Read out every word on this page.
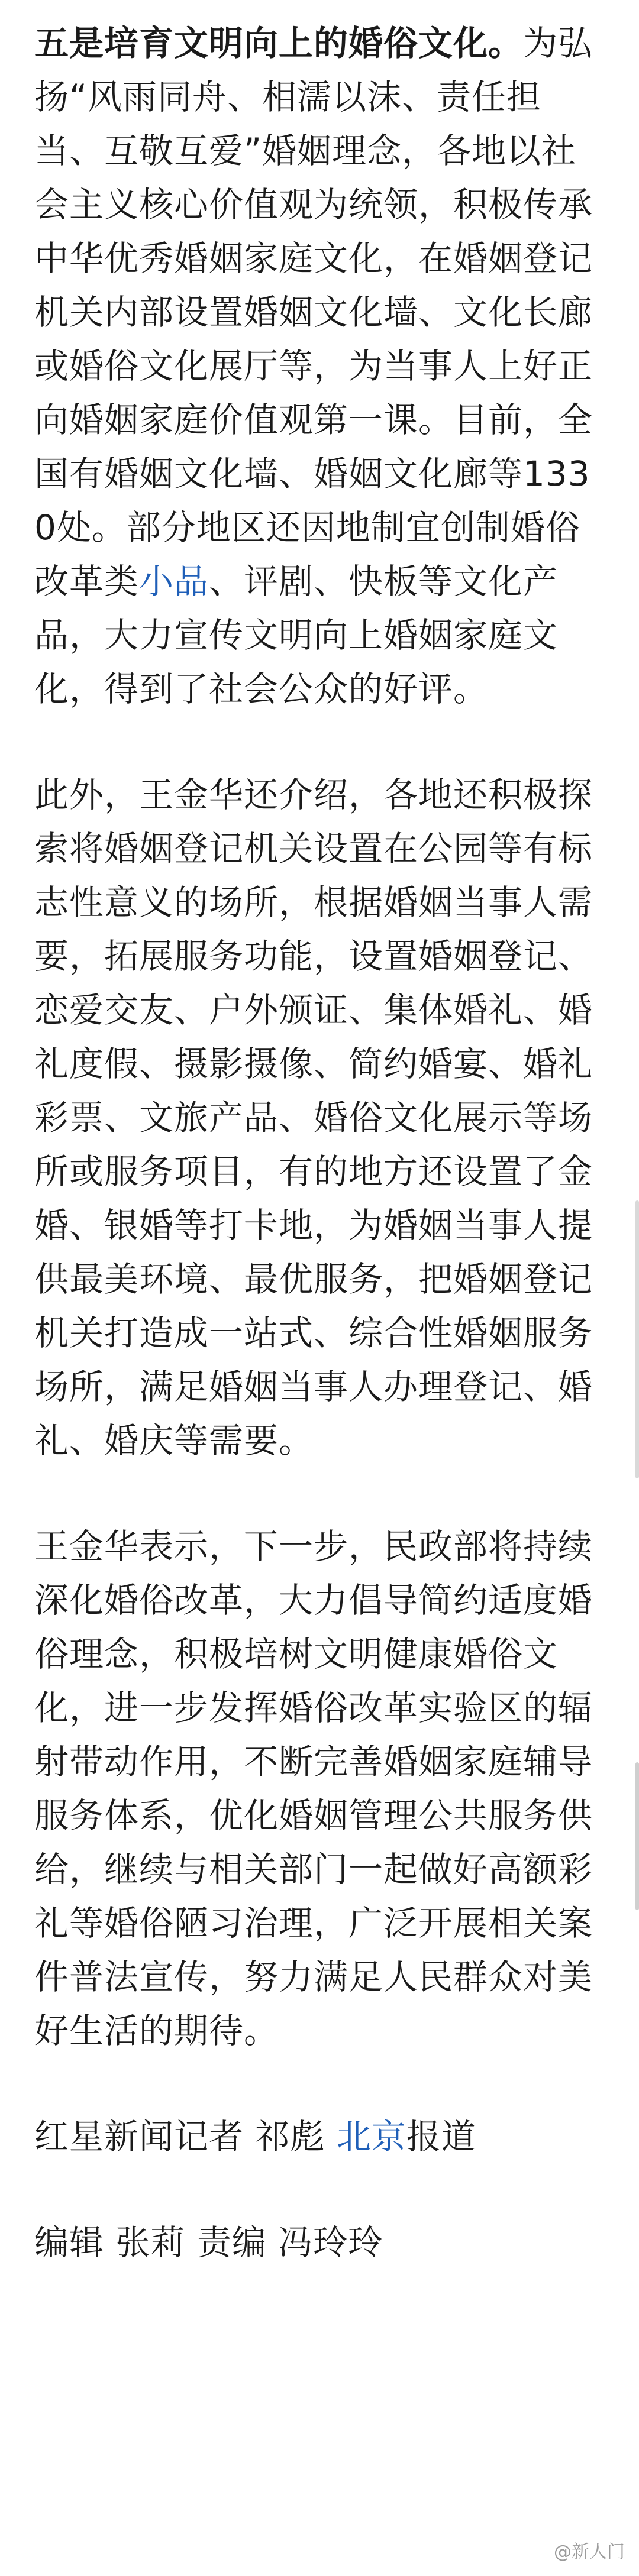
五是培育文明向上的婚俗文化。为弘扬“风雨同舟、相濡以沫、责任担当、互敬互爱”婚姻理念，各地以社会主义核心价值观为统领，积极传承中华优秀婚姻家庭文化，在婚姻登记机关内部设置婚姻文化墙、文化长廊或婚俗文化展厅等，为当事人上好正向婚姻家庭价值观第一课。目前，全国有婚姻文化墙、婚姻文化廊等1330处。部分地区还因地制宜创制婚俗改革类小品、评剧、快板等文化产品，大力宣传文明向上婚姻家庭文化，得到了社会公众的好评。

此外，王金华还介绍，各地还积极探索将婚姻登记机关设置在公园等有标志性意义的场所，根据婚姻当事人需要，拓展服务功能，设置婚姻登记、恋爱交友、户外颁证、集体婚礼、婚礼度假、摄影摄像、简约婚宴、婚礼彩票、文旅产品、婚俗文化展示等场所或服务项目，有的地方还设置了金婚、银婚等打卡地，为婚姻当事人提供最美环境、最优服务，把婚姻登记机关打造成一站式、综合性婚姻服务场所，满足婚姻当事人办理登记、婚礼、婚庆等需要。

王金华表示，下一步，民政部将持续深化婚俗改革，大力倡导简约适度婚俗理念，积极培树文明健康婚俗文化，进一步发挥婚俗改革实验区的辐射带动作用，不断完善婚姻家庭辅导服务体系，优化婚姻管理公共服务供给，继续与相关部门一起做好高额彩礼等婚俗陋习治理，广泛开展相关案件普法宣传，努力满足人民群众对美好生活的期待。

红星新闻记者 祁彪 北京报道

编辑 张莉 责编 冯玲玲

@新人门
